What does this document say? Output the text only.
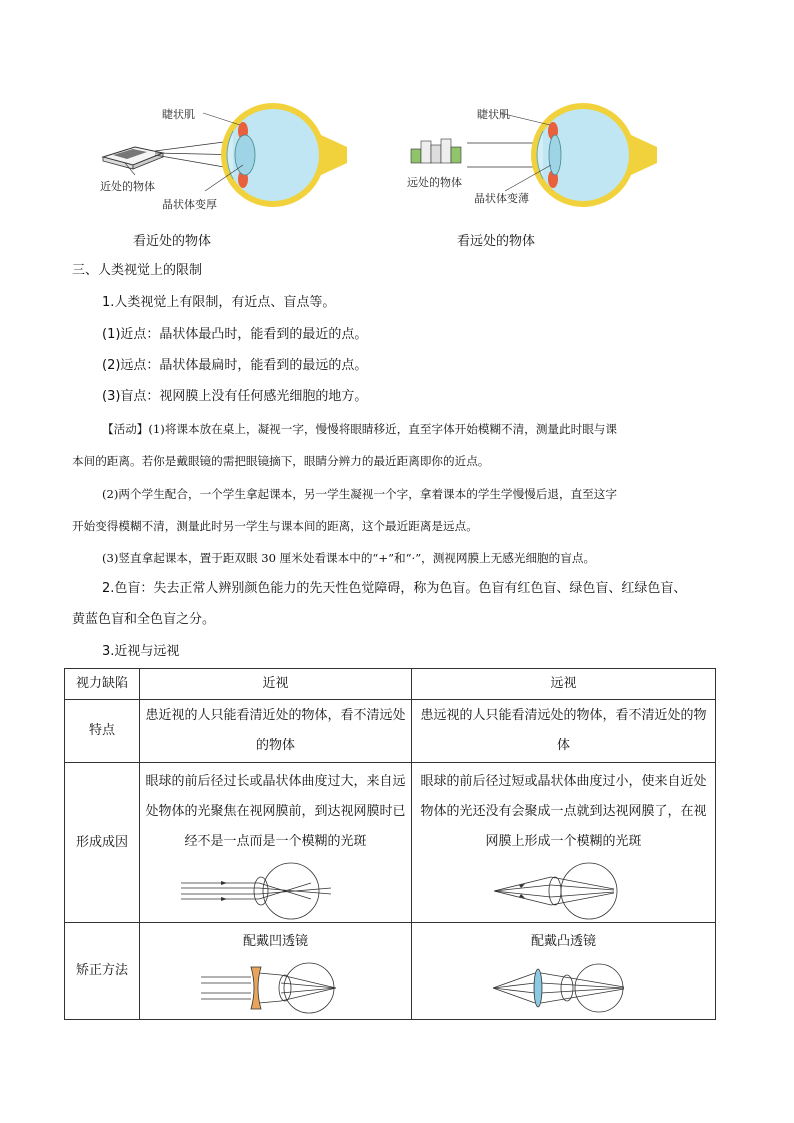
睫状肌
近处的物体
晶状体变厚
看近处的物体
睫状肌
远处的物体
晶状体变薄
看远处的物体
三、人类视觉上的限制
1.人类视觉上有限制，有近点、盲点等。
(1)近点：晶状体最凸时，能看到的最近的点。
(2)远点：晶状体最扁时，能看到的最远的点。
(3)盲点：视网膜上没有任何感光细胞的地方。
【活动】(1)将课本放在桌上，凝视一字，慢慢将眼睛移近，直至字体开始模糊不清，测量此时眼与课
本间的距离。若你是戴眼镜的需把眼镜摘下，眼睛分辨力的最近距离即你的近点。
(2)两个学生配合，一个学生拿起课本，另一学生凝视一个字，拿着课本的学生学慢慢后退，直至这字
开始变得模糊不清，测量此时另一学生与课本间的距离，这个最近距离是远点。
(3)竖直拿起课本，置于距双眼 30 厘米处看课本中的“+”和“·”，测视网膜上无感光细胞的盲点。
2.色盲：失去正常人辨别颜色能力的先天性色觉障碍，称为色盲。色盲有红色盲、绿色盲、红绿色盲、
黄蓝色盲和全色盲之分。
3.近视与远视
视力缺陷	近视	远视
特点	患近视的人只能看清近处的物体，看不清远处的物体	患远视的人只能看清远处的物体，看不清近处的物体
形成成因	眼球的前后径过长或晶状体曲度过大，来自远处物体的光聚焦在视网膜前，到达视网膜时已经不是一点而是一个模糊的光斑	眼球的前后径过短或晶状体曲度过小，使来自近处物体的光还没有会聚成一点就到达视网膜了，在视网膜上形成一个模糊的光斑

矫正方法	配戴凹透镜	配戴凸透镜
